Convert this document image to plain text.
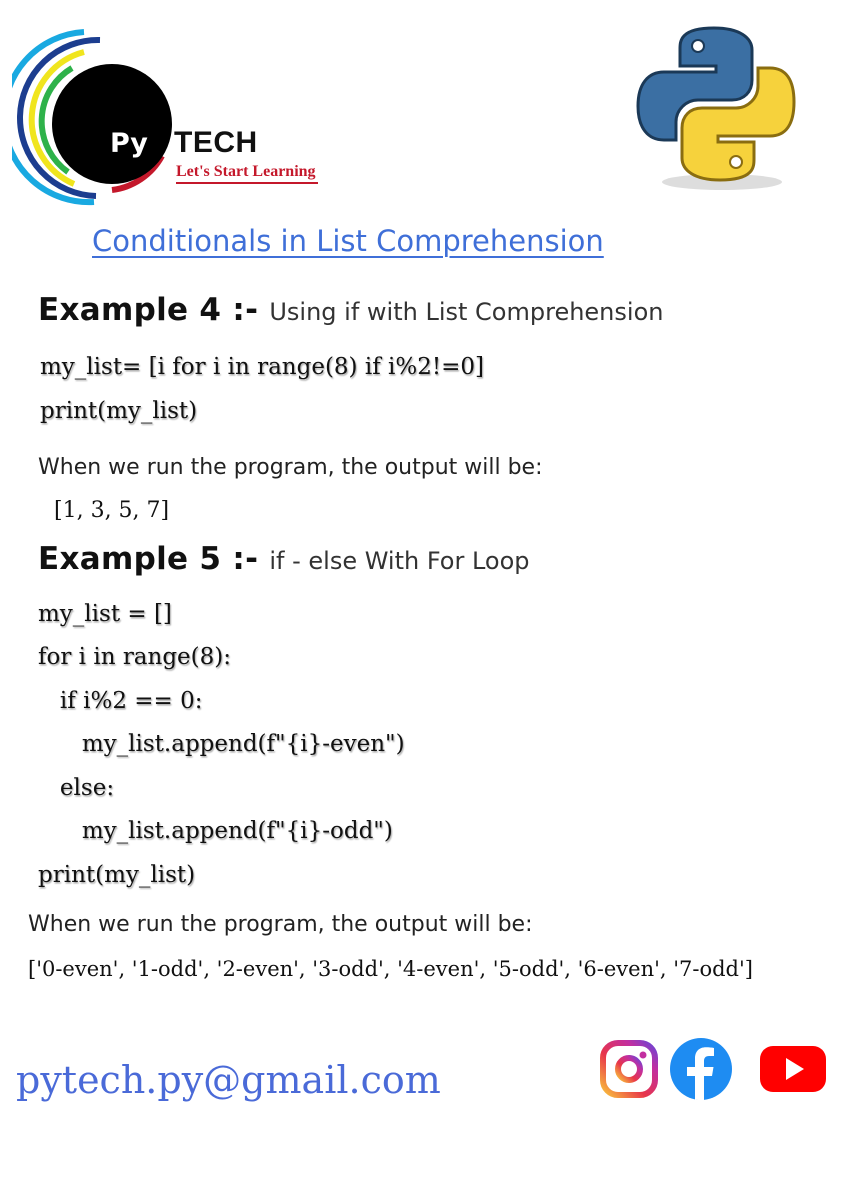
Py TECH
Let's Start Learning
Conditionals in List Comprehension
Example 4 :- Using if with List Comprehension
my_list= [i for i in range(8) if i%2!=0]
print(my_list)
When we run the program, the output will be:
[1, 3, 5, 7]
Example 5 :- if - else With For Loop
my_list = []
for i in range(8):
if i%2 == 0:
my_list.append(f"{i}-even")
else:
my_list.append(f"{i}-odd")
print(my_list)
When we run the program, the output will be:
['0-even', '1-odd', '2-even', '3-odd', '4-even', '5-odd', '6-even', '7-odd']
pytech.py@gmail.com
